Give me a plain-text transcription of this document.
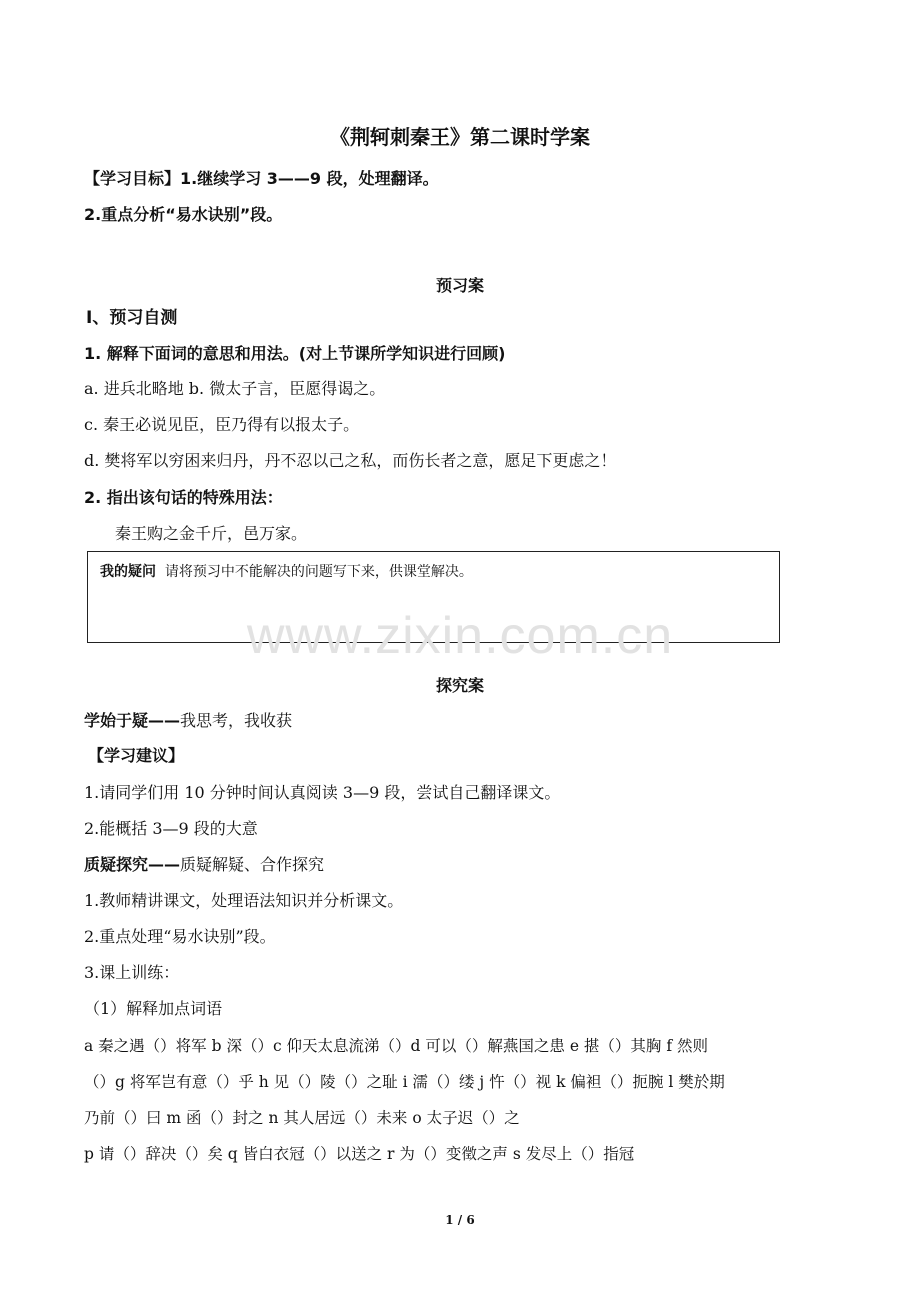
《荆轲刺秦王》第二课时学案
【学习目标】1.继续学习 3——9 段，处理翻译。
2.重点分析“易水诀别”段。
预习案
Ⅰ、预习自测
1. 解释下面词的意思和用法。(对上节课所学知识进行回顾)
a. 进兵北略地 b. 微太子言，臣愿得谒之。
c. 秦王必说见臣，臣乃得有以报太子。
d. 樊将军以穷困来归丹，丹不忍以己之私，而伤长者之意，愿足下更虑之！
2. 指出该句话的特殊用法：
秦王购之金千斤，邑万家。
我的疑问 请将预习中不能解决的问题写下来，供课堂解决。
www.zixin.com.cn
探究案
学始于疑——我思考，我收获
【学习建议】
1.请同学们用 10 分钟时间认真阅读 3—9 段，尝试自己翻译课文。
2.能概括 3—9 段的大意
质疑探究——质疑解疑、合作探究
1.教师精讲课文，处理语法知识并分析课文。
2.重点处理“易水诀别”段。
3.课上训练：
（1）解释加点词语
a 秦之遇（）将军 b 深（）c 仰天太息流涕（）d 可以（）解燕国之患 e 揕（）其胸 f 然则
（）g 将军岂有意（）乎 h 见（）陵（）之耻 i 濡（）缕 j 忤（）视 k 偏袒（）扼腕 l 樊於期
乃前（）曰 m 函（）封之 n 其人居远（）未来 o 太子迟（）之
p 请（）辞决（）矣 q 皆白衣冠（）以送之 r 为（）变徵之声 s 发尽上（）指冠
1 / 6
